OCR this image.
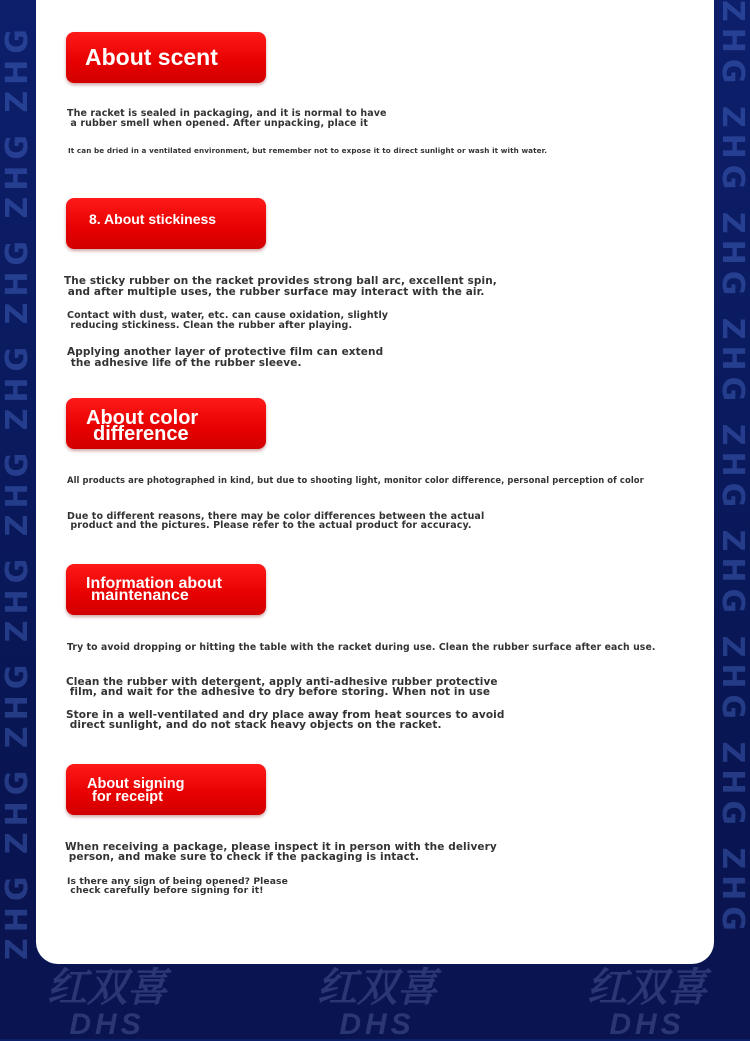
ZHG ZHG ZHG ZHG ZHG ZHG ZHG ZHG ZHG	ZHG ZHG ZHG ZHG ZHG ZHG ZHG ZHG ZHG
About scent
The racket is sealed in packaging, and it is normal to have
a rubber smell when opened. After unpacking, place it
It can be dried in a ventilated environment, but remember not to expose it to direct sunlight or wash it with water.
8. About stickiness
The sticky rubber on the racket provides strong ball arc, excellent spin,
and after multiple uses, the rubber surface may interact with the air.
Contact with dust, water, etc. can cause oxidation, slightly
reducing stickiness. Clean the rubber after playing.
Applying another layer of protective film can extend
the adhesive life of the rubber sleeve.
About color
difference
All products are photographed in kind, but due to shooting light, monitor color difference, personal perception of color
Due to different reasons, there may be color differences between the actual
product and the pictures. Please refer to the actual product for accuracy.
Information about
maintenance
Try to avoid dropping or hitting the table with the racket during use. Clean the rubber surface after each use.
Clean the rubber with detergent, apply anti-adhesive rubber protective
film, and wait for the adhesive to dry before storing. When not in use
Store in a well-ventilated and dry place away from heat sources to avoid
direct sunlight, and do not stack heavy objects on the racket.
About signing
for receipt
When receiving a package, please inspect it in person with the delivery
person, and make sure to check if the packaging is intact.
Is there any sign of being opened? Please
check carefully before signing for it!
红双喜
DHS
红双喜
DHS
红双喜
DHS
